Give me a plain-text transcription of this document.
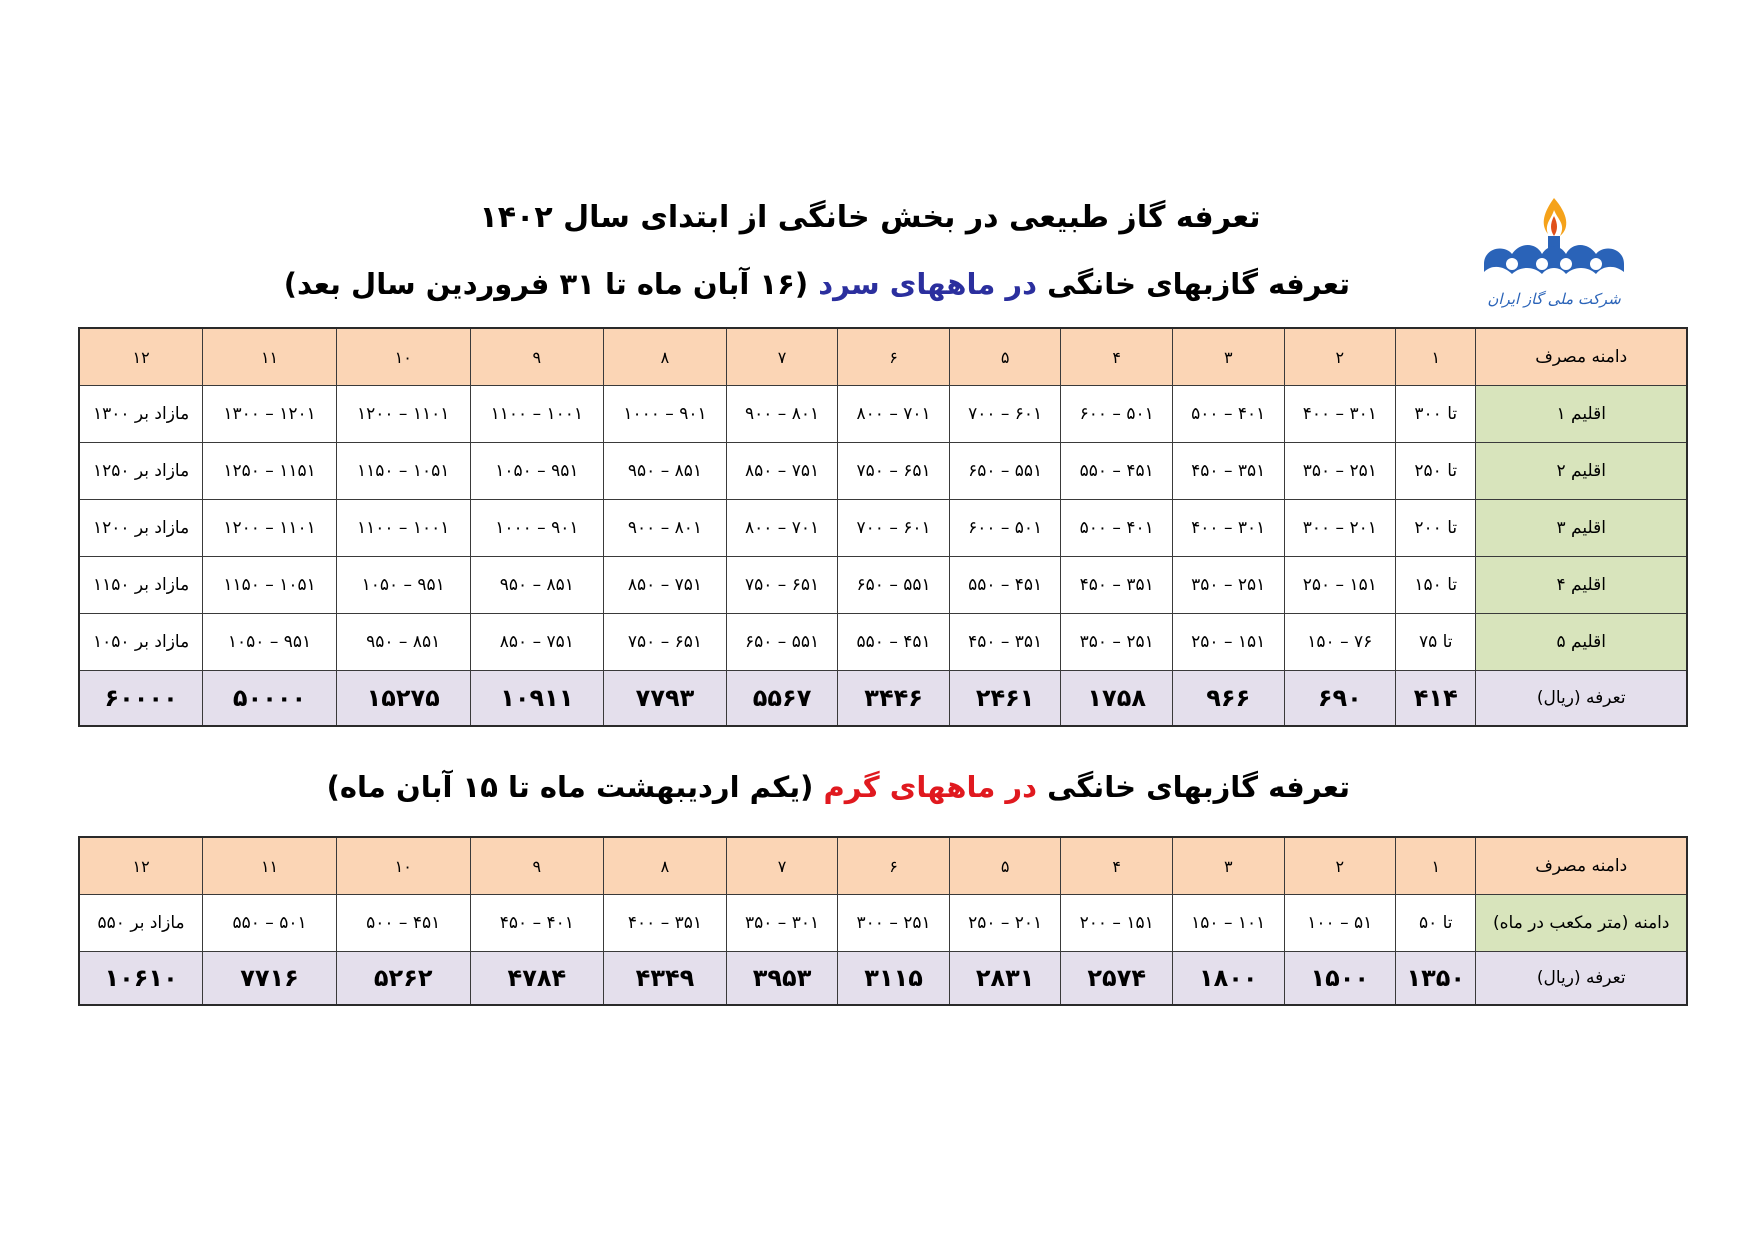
تعرفه گاز طبیعی در بخش خانگی از ابتدای سال ۱۴۰۲
شرکت ملی گاز ایران
تعرفه گازبهای خانگی در ماههای سرد (۱۶ آبان ماه تا ۳۱ فروردین سال بعد)
دامنه مصرف	۱	۲	۳	۴	۵	۶	۷	۸	۹	۱۰	۱۱	۱۲
اقلیم ۱	تا ۳۰۰	۳۰۱ – ۴۰۰	۴۰۱ – ۵۰۰	۵۰۱ – ۶۰۰	۶۰۱ – ۷۰۰	۷۰۱ – ۸۰۰	۸۰۱ – ۹۰۰	۹۰۱ – ۱۰۰۰	۱۰۰۱ – ۱۱۰۰	۱۱۰۱ – ۱۲۰۰	۱۲۰۱ – ۱۳۰۰	مازاد بر ۱۳۰۰
اقلیم ۲	تا ۲۵۰	۲۵۱ – ۳۵۰	۳۵۱ – ۴۵۰	۴۵۱ – ۵۵۰	۵۵۱ – ۶۵۰	۶۵۱ – ۷۵۰	۷۵۱ – ۸۵۰	۸۵۱ – ۹۵۰	۹۵۱ – ۱۰۵۰	۱۰۵۱ – ۱۱۵۰	۱۱۵۱ – ۱۲۵۰	مازاد بر ۱۲۵۰
اقلیم ۳	تا ۲۰۰	۲۰۱ – ۳۰۰	۳۰۱ – ۴۰۰	۴۰۱ – ۵۰۰	۵۰۱ – ۶۰۰	۶۰۱ – ۷۰۰	۷۰۱ – ۸۰۰	۸۰۱ – ۹۰۰	۹۰۱ – ۱۰۰۰	۱۰۰۱ – ۱۱۰۰	۱۱۰۱ – ۱۲۰۰	مازاد بر ۱۲۰۰
اقلیم ۴	تا ۱۵۰	۱۵۱ – ۲۵۰	۲۵۱ – ۳۵۰	۳۵۱ – ۴۵۰	۴۵۱ – ۵۵۰	۵۵۱ – ۶۵۰	۶۵۱ – ۷۵۰	۷۵۱ – ۸۵۰	۸۵۱ – ۹۵۰	۹۵۱ – ۱۰۵۰	۱۰۵۱ – ۱۱۵۰	مازاد بر ۱۱۵۰
اقلیم ۵	تا ۷۵	۷۶ – ۱۵۰	۱۵۱ – ۲۵۰	۲۵۱ – ۳۵۰	۳۵۱ – ۴۵۰	۴۵۱ – ۵۵۰	۵۵۱ – ۶۵۰	۶۵۱ – ۷۵۰	۷۵۱ – ۸۵۰	۸۵۱ – ۹۵۰	۹۵۱ – ۱۰۵۰	مازاد بر ۱۰۵۰
تعرفه (ریال)	۴۱۴	۶۹۰	۹۶۶	۱۷۵۸	۲۴۶۱	۳۴۴۶	۵۵۶۷	۷۷۹۳	۱۰۹۱۱	۱۵۲۷۵	۵۰۰۰۰	۶۰۰۰۰
تعرفه گازبهای خانگی در ماههای گرم (یکم اردیبهشت ماه تا ۱۵ آبان ماه)
دامنه مصرف	۱	۲	۳	۴	۵	۶	۷	۸	۹	۱۰	۱۱	۱۲
دامنه (متر مکعب در ماه)	تا ۵۰	۵۱ – ۱۰۰	۱۰۱ – ۱۵۰	۱۵۱ – ۲۰۰	۲۰۱ – ۲۵۰	۲۵۱ – ۳۰۰	۳۰۱ – ۳۵۰	۳۵۱ – ۴۰۰	۴۰۱ – ۴۵۰	۴۵۱ – ۵۰۰	۵۰۱ – ۵۵۰	مازاد بر ۵۵۰
تعرفه (ریال)	۱۳۵۰	۱۵۰۰	۱۸۰۰	۲۵۷۴	۲۸۳۱	۳۱۱۵	۳۹۵۳	۴۳۴۹	۴۷۸۴	۵۲۶۲	۷۷۱۶	۱۰۶۱۰
